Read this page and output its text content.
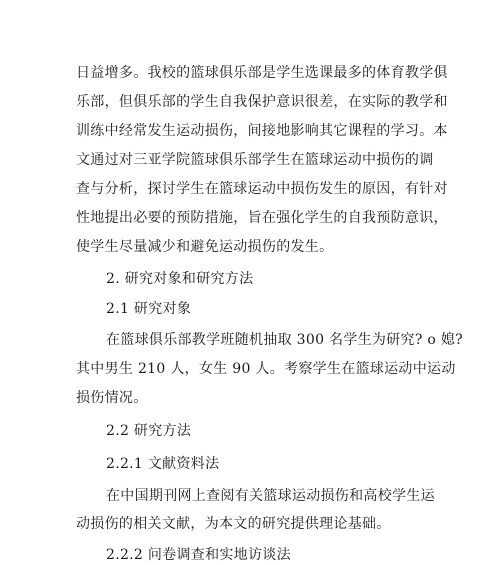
日益增多。我校的篮球俱乐部是学生选课最多的体育教学俱
乐部，但俱乐部的学生自我保护意识很差，在实际的教学和
训练中经常发生运动损伤，间接地影响其它课程的学习。本
文通过对三亚学院篮球俱乐部学生在篮球运动中损伤的调
查与分析，探讨学生在篮球运动中损伤发生的原因，有针对
性地提出必要的预防措施，旨在强化学生的自我预防意识，
使学生尽量减少和避免运动损伤的发生。
2. 研究对象和研究方法
2.1 研究对象
在篮球俱乐部教学班随机抽取 300 名学生为研究? o 媳?
其中男生 210 人，女生 90 人。考察学生在篮球运动中运动
损伤情况。
2.2 研究方法
2.2.1 文献资料法
在中国期刊网上查阅有关篮球运动损伤和高校学生运
动损伤的相关文献，为本文的研究提供理论基础。
2.2.2 问卷调查和实地访谈法
